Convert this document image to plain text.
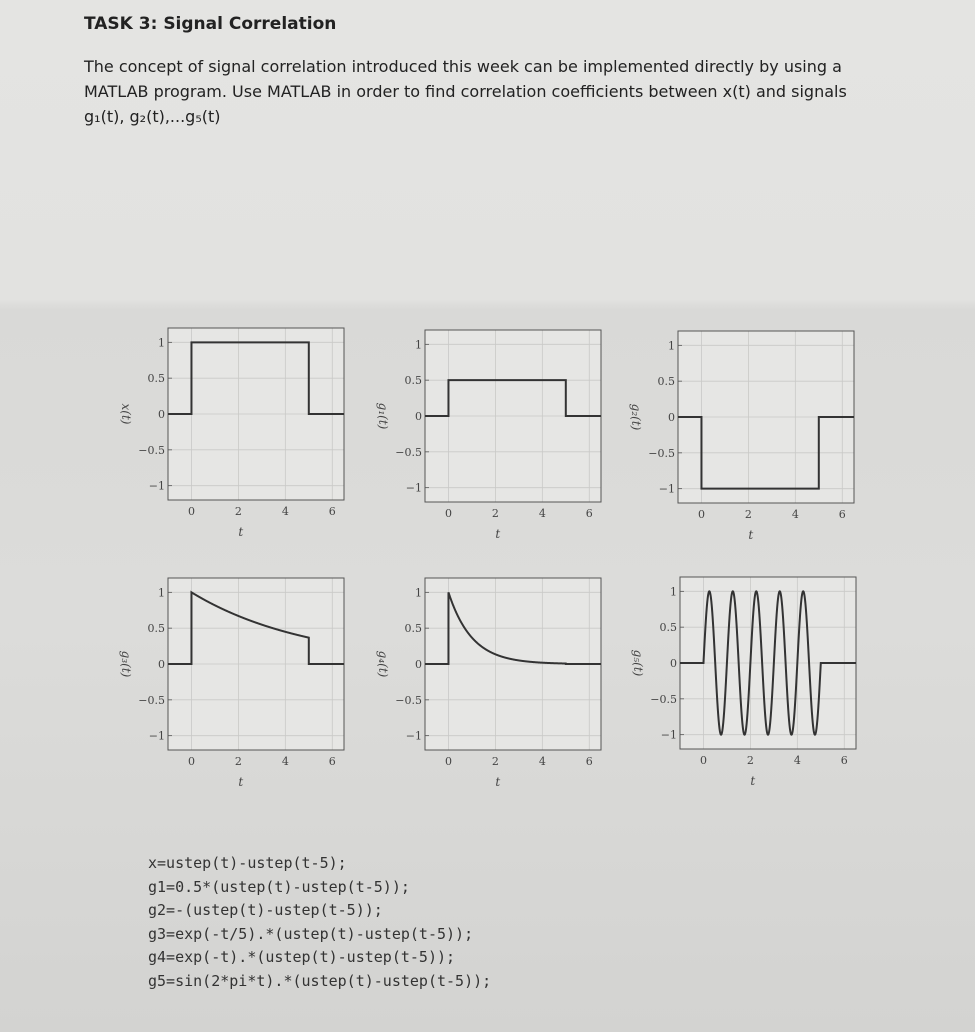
TASK 3: Signal Correlation
The concept of signal correlation introduced this week can be implemented directly by using a
MATLAB program. Use MATLAB in order to find correlation coefficients between x(t) and signals
g₁(t), g₂(t),...g₅(t)
1
0.5
0
−0.5
−1
0	2	4	6
t
x(t)
1
0.5
0
−0.5
−1
0	2	4	6
t
g₁(t)
1
0.5
0
−0.5
−1
0	2	4	6
t
g₂(t)
1
0.5
0
−0.5
−1
0	2	4	6
t
g₃(t)
1
0.5
0
−0.5
−1
0	2	4	6
t
g₄(t)
1
0.5
0
−0.5
−1
0	2	4	6
t
g₅(t)
x=ustep(t)-ustep(t-5);
g1=0.5*(ustep(t)-ustep(t-5));
g2=-(ustep(t)-ustep(t-5));
g3=exp(-t/5).*(ustep(t)-ustep(t-5));
g4=exp(-t).*(ustep(t)-ustep(t-5));
g5=sin(2*pi*t).*(ustep(t)-ustep(t-5));
